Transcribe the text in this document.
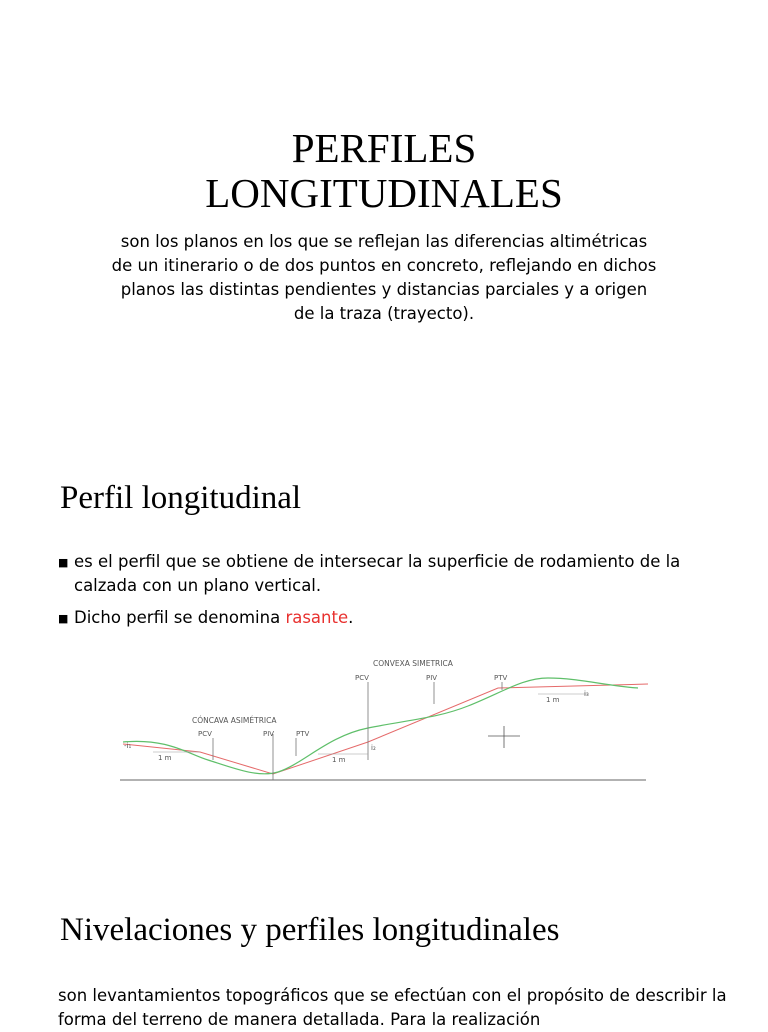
PERFILES
LONGITUDINALES

son los planos en los que se reflejan las diferencias altimétricas de un itinerario o de dos puntos en concreto, reflejando en dichos planos las distintas pendientes y distancias parciales y a origen de la traza (trayecto).

Perfil longitudinal
■ es el perfil que se obtiene de intersecar la superficie de rodamiento de la calzada con un plano vertical.
■ Dicho perfil se denomina rasante.
CONVEXA SIMETRICA
PCV	PIV	PTV
CÓNCAVA ASIMÉTRICA
PCV	PIV	PTV
1 m	1 m
1 m
-i₁	i₂
i₃
Nivelaciones y perfiles longitudinales

son levantamientos topográficos que se efectúan con el propósito de describir la forma del terreno de manera detallada. Para la realización
